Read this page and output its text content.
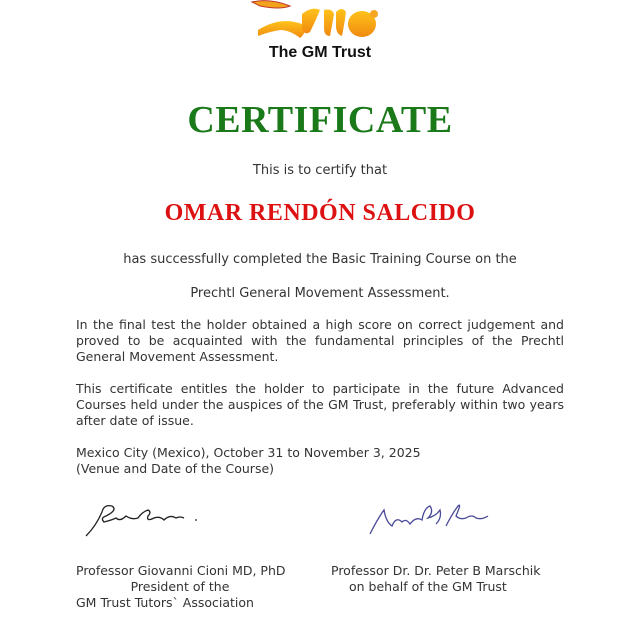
The GM Trust
CERTIFICATE
This is to certify that
OMAR RENDÓN SALCIDO
has successfully completed the Basic Training Course on the
Prechtl General Movement Assessment.
In the final test the holder obtained a high score on correct judgement and proved to be acquainted with the fundamental principles of the Prechtl General Movement Assessment.
This certificate entitles the holder to participate in the future Advanced Courses held under the auspices of the GM Trust, preferably within two years after date of issue.
Mexico City (Mexico), October 31 to November 3, 2025
(Venue and Date of the Course)
Professor Giovanni Cioni MD, PhD
President of the
GM Trust Tutors` Association
Professor Dr. Dr. Peter B Marschik
on behalf of the GM Trust
